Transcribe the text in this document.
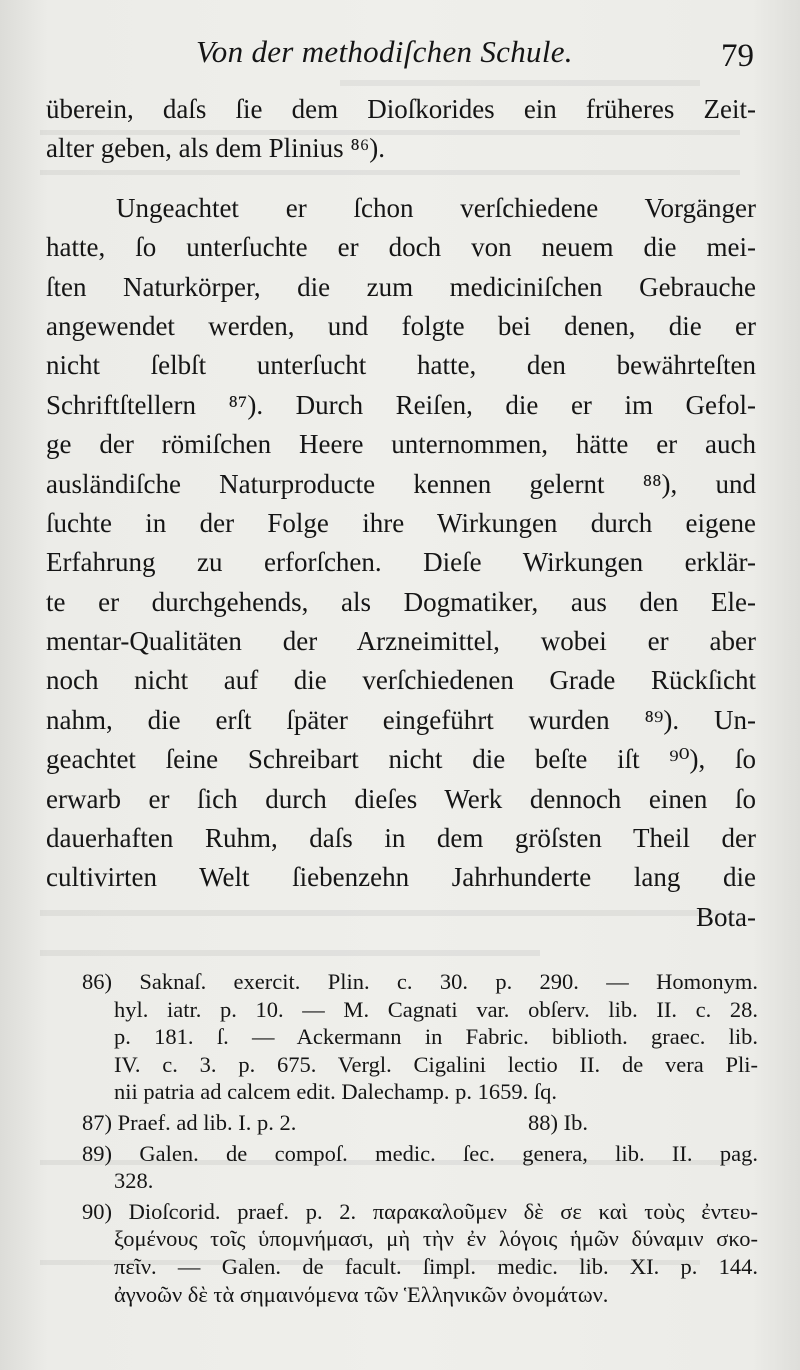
Von der methodiſchen Schule.	79
überein, daſs ſie dem Dioſkorides ein früheres Zeit-
alter geben, als dem Plinius ⁸⁶).
Ungeachtet er ſchon verſchiedene Vorgänger
hatte, ſo unterſuchte er doch von neuem die mei-
ſten Naturkörper, die zum mediciniſchen Gebrauche
angewendet werden, und folgte bei denen, die er
nicht ſelbſt unterſucht hatte, den bewährteſten
Schriftſtellern ⁸⁷). Durch Reiſen, die er im Gefol-
ge der römiſchen Heere unternommen, hätte er auch
ausländiſche Naturproducte kennen gelernt ⁸⁸), und
ſuchte in der Folge ihre Wirkungen durch eigene
Erfahrung zu erforſchen. Dieſe Wirkungen erklär-
te er durchgehends, als Dogmatiker, aus den Ele-
mentar-Qualitäten der Arzneimittel, wobei er aber
noch nicht auf die verſchiedenen Grade Rückſicht
nahm, die erſt ſpäter eingeführt wurden ⁸⁹). Un-
geachtet ſeine Schreibart nicht die beſte iſt ⁹⁰), ſo
erwarb er ſich durch dieſes Werk dennoch einen ſo
dauerhaften Ruhm, daſs in dem gröſsten Theil der
cultivirten Welt ſiebenzehn Jahrhunderte lang die
Bota-
86) Saknaſ. exercit. Plin. c. 30. p. 290. — Homonym.
hyl. iatr. p. 10. — M. Cagnati var. obſerv. lib. II. c. 28.
p. 181. ſ. — Ackermann in Fabric. biblioth. graec. lib.
IV. c. 3. p. 675. Vergl. Cigalini lectio II. de vera Pli-
nii patria ad calcem edit. Dalechamp. p. 1659. ſq.
87) Praef. ad lib. I. p. 2.	88) Ib.
89) Galen. de compoſ. medic. ſec. genera, lib. II. pag.
328.
90) Dioſcorid. praef. p. 2. παρακαλοῦμεν δὲ σε καὶ τοὺς ἐντευ-
ξομένους τοῖς ὑπομνήμασι, μὴ τὴν ἐν λόγοις ἡμῶν δύναμιν σκο-
πεῖν. — Galen. de facult. ſimpl. medic. lib. XI. p. 144.
ἀγνοῶν δὲ τὰ σημαινόμενα τῶν Ἑλληνικῶν ὀνομάτων.
